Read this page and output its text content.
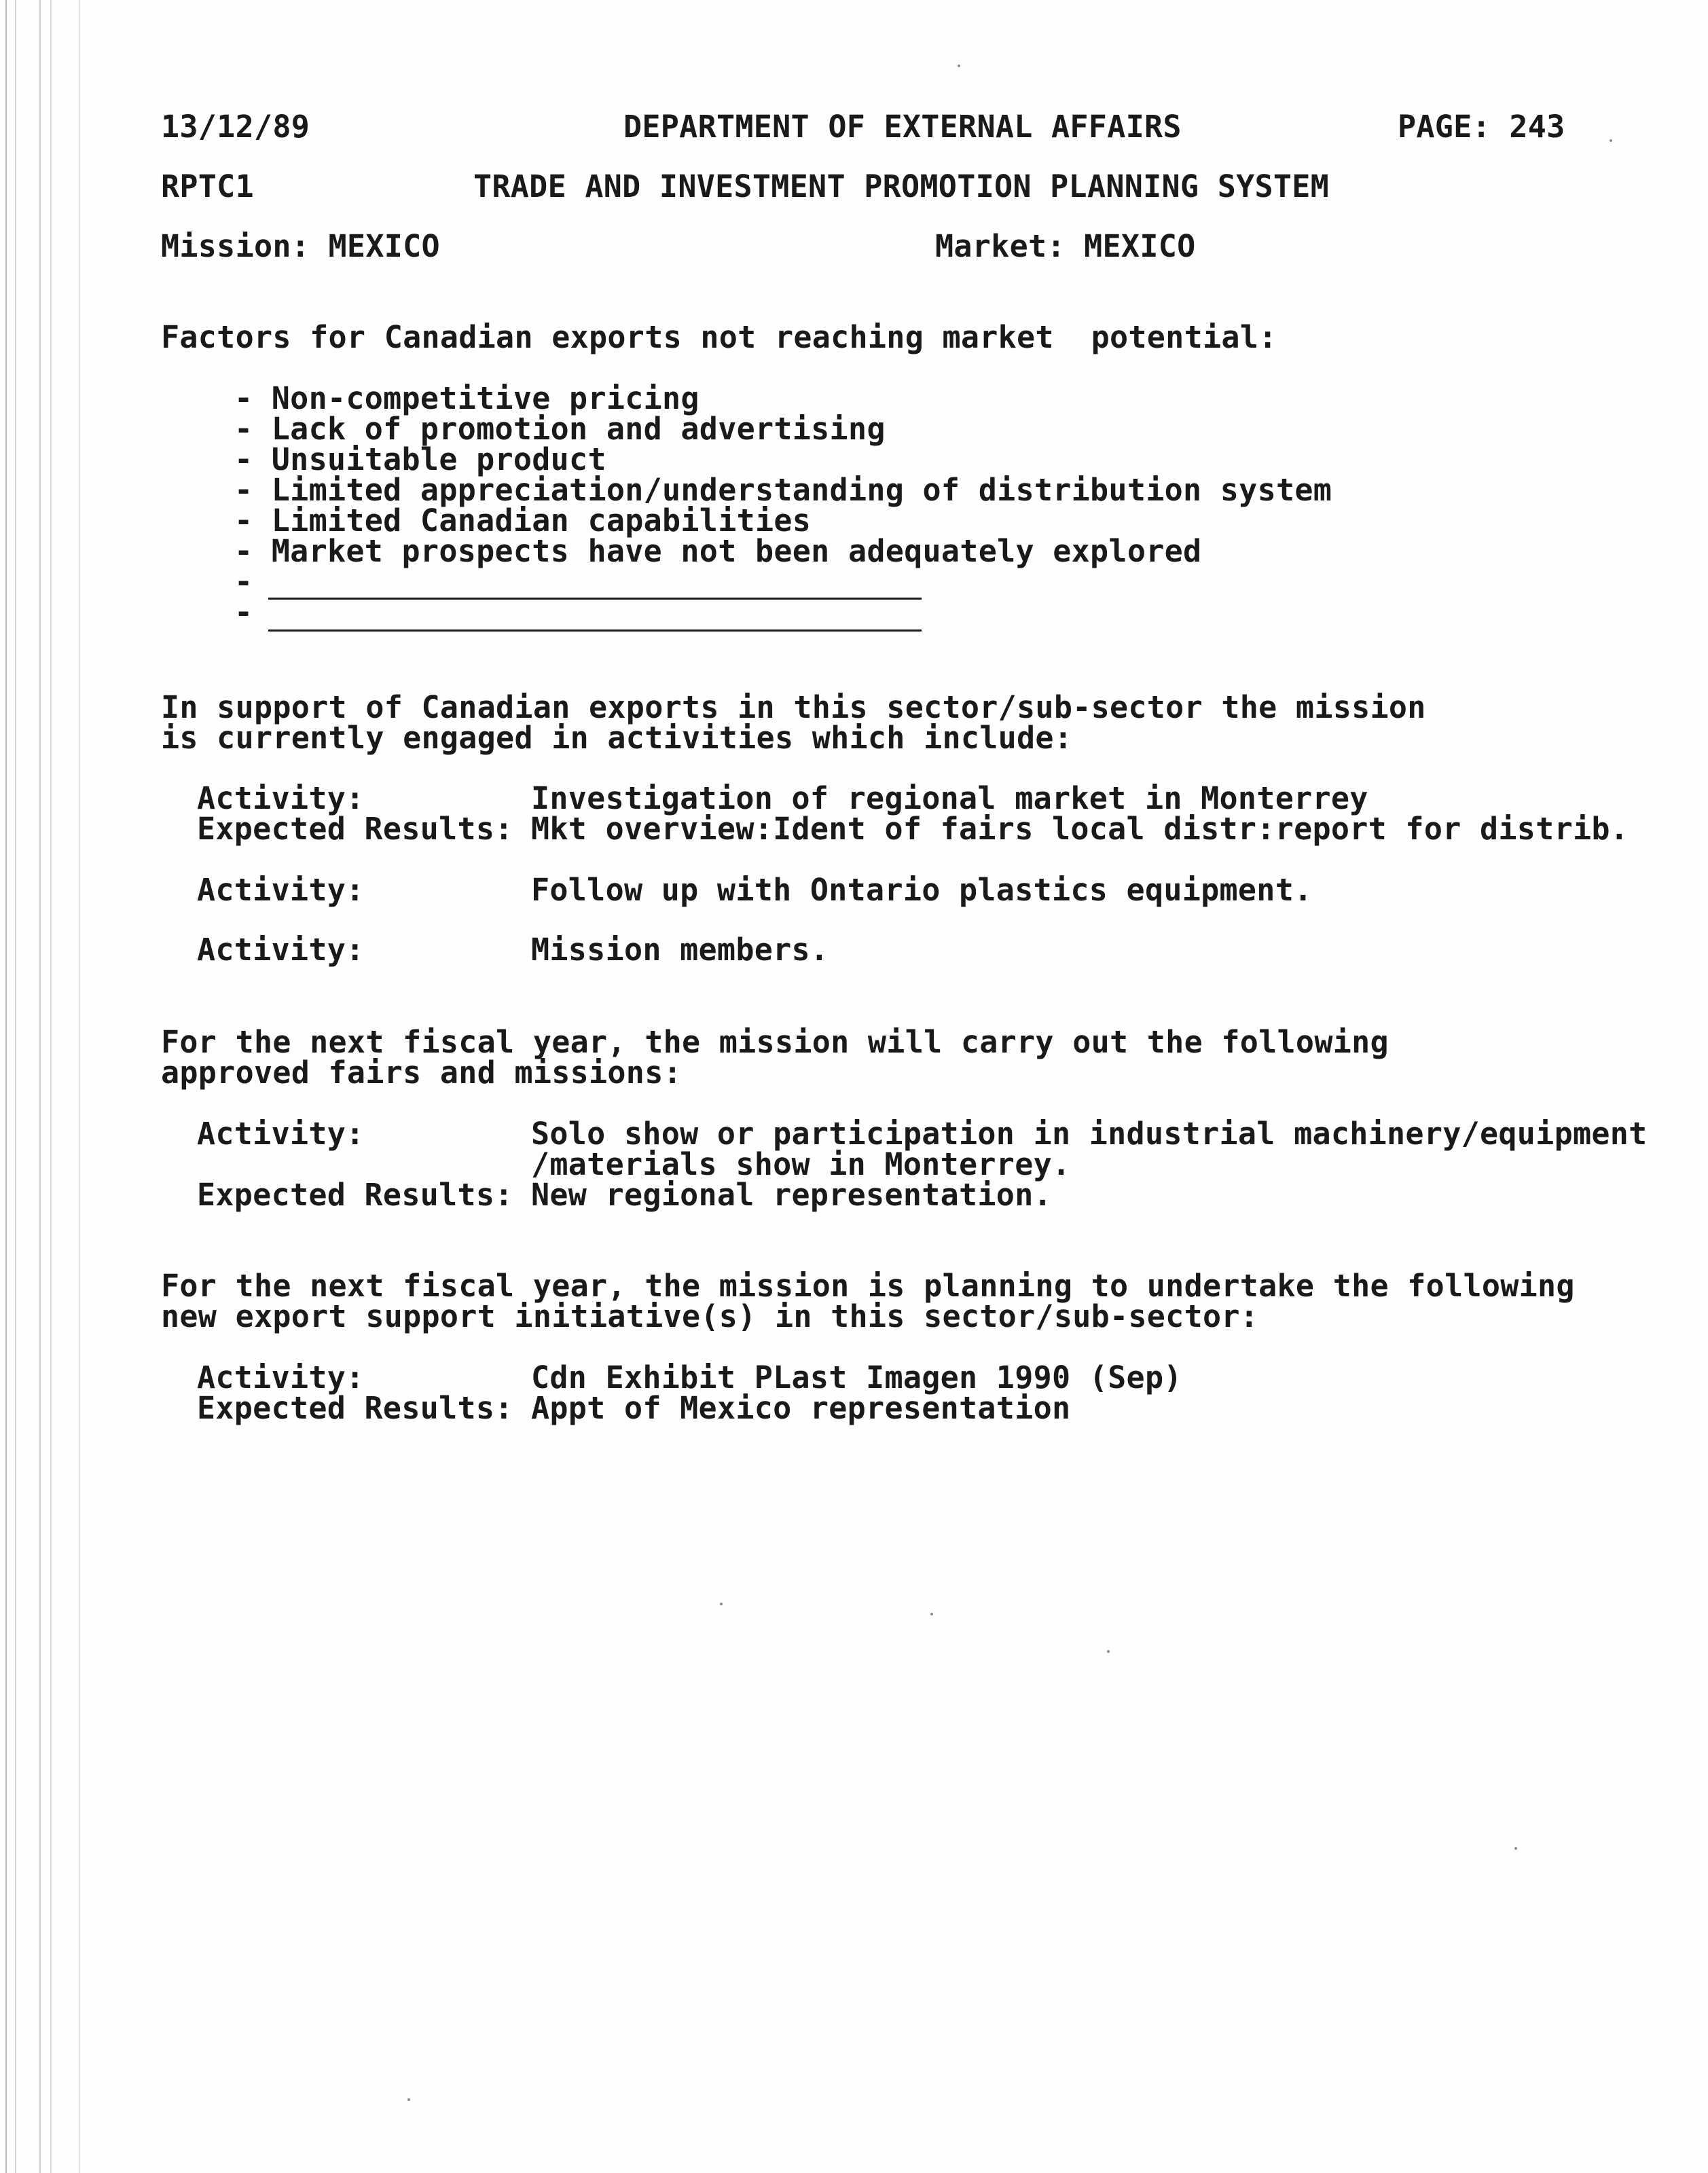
13/12/89	DEPARTMENT OF EXTERNAL AFFAIRS	PAGE: 243
RPTC1	TRADE AND INVESTMENT PROMOTION PLANNING SYSTEM
Mission: MEXICO	Market: MEXICO
Factors for Canadian exports not reaching market  potential:
- Non-competitive pricing
- Lack of promotion and advertising
- Unsuitable product
- Limited appreciation/understanding of distribution system
- Limited Canadian capabilities
- Market prospects have not been adequately explored
-
-
In support of Canadian exports in this sector/sub-sector the mission
is currently engaged in activities which include:
Activity:	Investigation of regional market in Monterrey
Expected Results: Mkt overview:Ident of fairs local distr:report for distrib.
Activity:	Follow up with Ontario plastics equipment.
Activity:	Mission members.
For the next fiscal year, the mission will carry out the following
approved fairs and missions:
Activity:	Solo show or participation in industrial machinery/equipment
/materials show in Monterrey.
Expected Results: New regional representation.
For the next fiscal year, the mission is planning to undertake the following
new export support initiative(s) in this sector/sub-sector:
Activity:	Cdn Exhibit PLast Imagen 1990 (Sep)
Expected Results: Appt of Mexico representation
